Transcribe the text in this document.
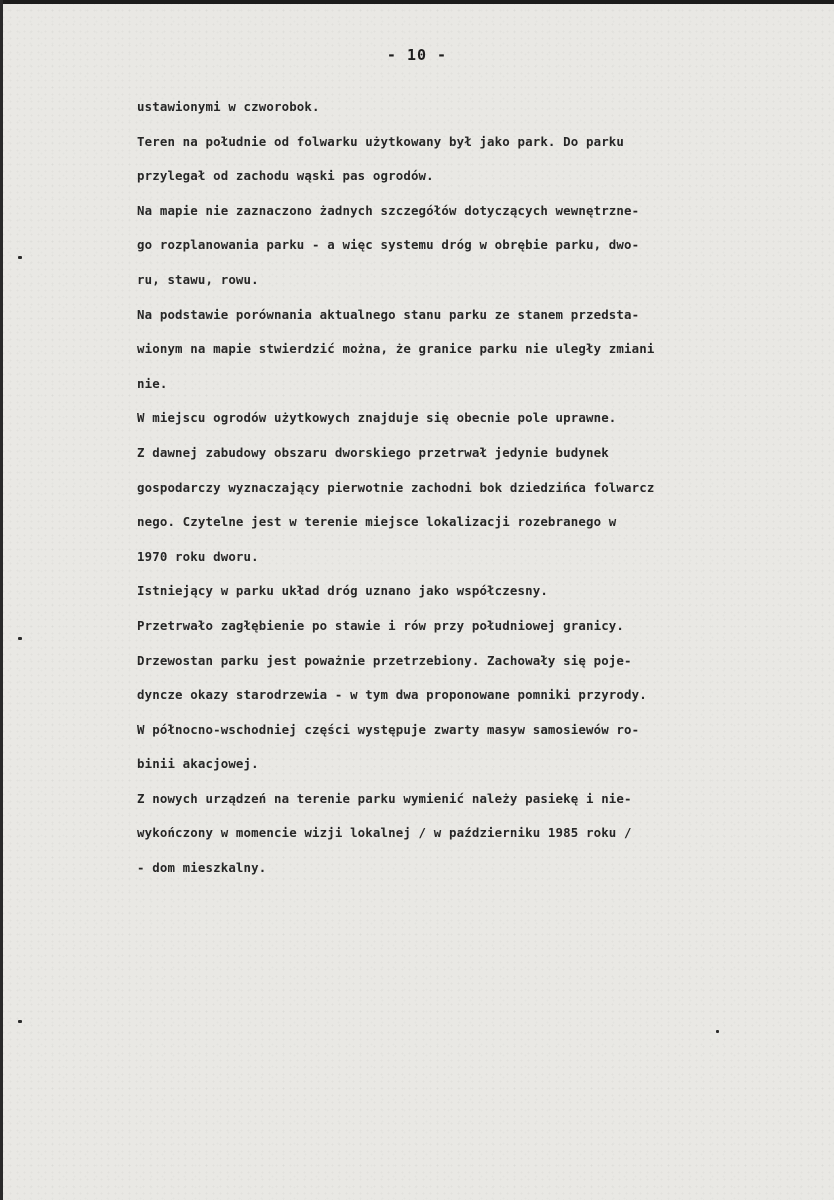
- 10 -
ustawionymi w czworobok.
Teren na południe od folwarku użytkowany był jako park. Do parku
przylegał od zachodu wąski pas ogrodów.
Na mapie nie zaznaczono żadnych szczegółów dotyczących wewnętrzne-
go rozplanowania parku - a więc systemu dróg w obrębie parku, dwo-
ru, stawu, rowu.
Na podstawie porównania aktualnego stanu parku ze stanem przedsta-
wionym na mapie stwierdzić można, że granice parku nie uległy zmiani
nie.
W miejscu ogrodów użytkowych znajduje się obecnie pole uprawne.
Z dawnej zabudowy obszaru dworskiego przetrwał jedynie budynek
gospodarczy wyznaczający pierwotnie zachodni bok dziedzińca folwarcz
nego. Czytelne jest w terenie miejsce lokalizacji rozebranego w
1970 roku dworu.
Istniejący w parku układ dróg uznano jako współczesny.
Przetrwało zagłębienie po stawie i rów przy południowej granicy.
Drzewostan parku jest poważnie przetrzebiony. Zachowały się poje-
dyncze okazy starodrzewia - w tym dwa proponowane pomniki przyrody.
W północno-wschodniej części występuje zwarty masyw samosiewów ro-
binii akacjowej.
Z nowych urządzeń na terenie parku wymienić należy pasiekę i nie-
wykończony w momencie wizji lokalnej / w październiku 1985 roku /
- dom mieszkalny.
